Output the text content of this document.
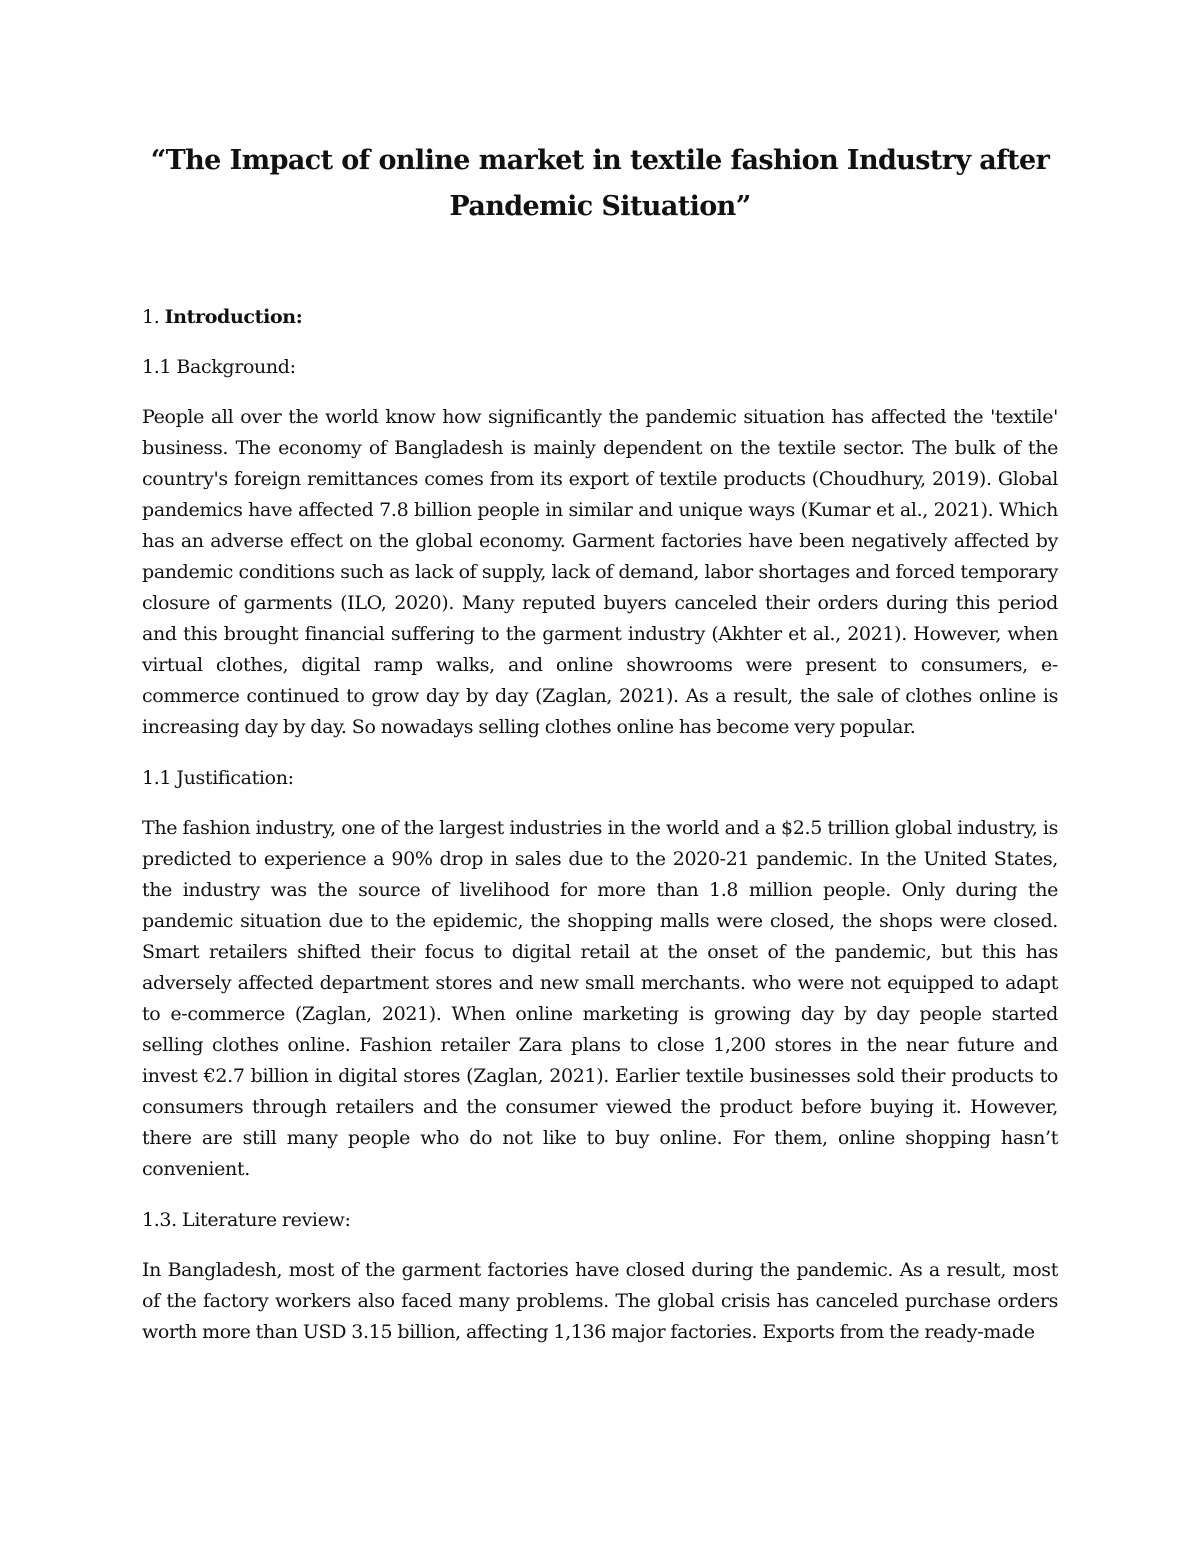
“The Impact of online market in textile fashion Industry after Pandemic Situation”

1. Introduction:

1.1 Background:

People all over the world know how significantly the pandemic situation has affected the 'textile' business. The economy of Bangladesh is mainly dependent on the textile sector. The bulk of the country's foreign remittances comes from its export of textile products (Choudhury, 2019). Global pandemics have affected 7.8 billion people in similar and unique ways (Kumar et al., 2021). Which has an adverse effect on the global economy. Garment factories have been negatively affected by pandemic conditions such as lack of supply, lack of demand, labor shortages and forced temporary closure of garments (ILO, 2020). Many reputed buyers canceled their orders during this period and this brought financial suffering to the garment industry (Akhter et al., 2021). However, when virtual clothes, digital ramp walks, and online showrooms were present to consumers, e-commerce continued to grow day by day (Zaglan, 2021). As a result, the sale of clothes online is increasing day by day. So nowadays selling clothes online has become very popular.

1.1 Justification:

The fashion industry, one of the largest industries in the world and a $2.5 trillion global industry, is predicted to experience a 90% drop in sales due to the 2020-21 pandemic. In the United States, the industry was the source of livelihood for more than 1.8 million people. Only during the pandemic situation due to the epidemic, the shopping malls were closed, the shops were closed. Smart retailers shifted their focus to digital retail at the onset of the pandemic, but this has adversely affected department stores and new small merchants. who were not equipped to adapt to e-commerce (Zaglan, 2021). When online marketing is growing day by day people started selling clothes online. Fashion retailer Zara plans to close 1,200 stores in the near future and invest €2.7 billion in digital stores (Zaglan, 2021). Earlier textile businesses sold their products to consumers through retailers and the consumer viewed the product before buying it. However, there are still many people who do not like to buy online. For them, online shopping hasn’t convenient.

1.3. Literature review:

In Bangladesh, most of the garment factories have closed during the pandemic. As a result, most of the factory workers also faced many problems. The global crisis has canceled purchase orders worth more than USD 3.15 billion, affecting 1,136 major factories. Exports from the ready-made
